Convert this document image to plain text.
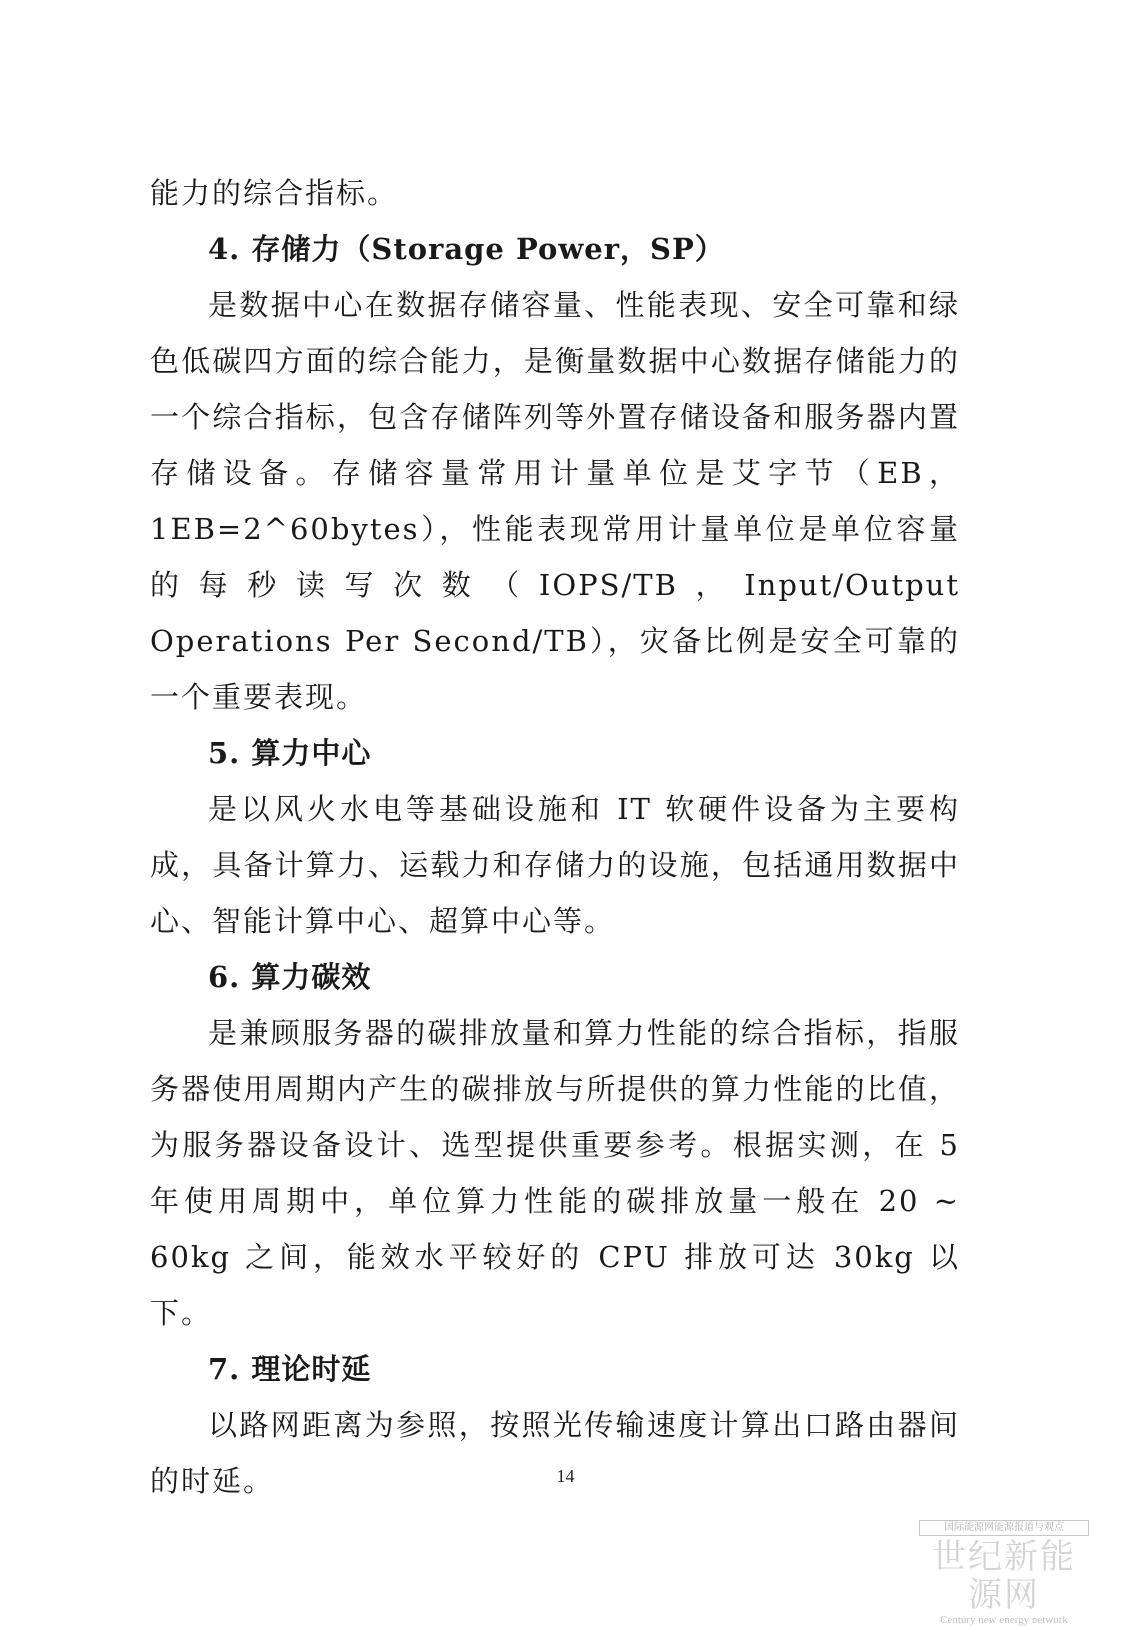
能力的综合指标。

4. 存储力（Storage Power，SP）

是数据中心在数据存储容量、性能表现、安全可靠和绿色低碳四方面的综合能力，是衡量数据中心数据存储能力的一个综合指标，包含存储阵列等外置存储设备和服务器内置存储设备。存储容量常用计量单位是艾字节（EB，1EB=2^60bytes），性能表现常用计量单位是单位容量的每秒读写次数（IOPS/TB，Input/Output Operations Per Second/TB），灾备比例是安全可靠的一个重要表现。

5. 算力中心

是以风火水电等基础设施和 IT 软硬件设备为主要构成，具备计算力、运载力和存储力的设施，包括通用数据中心、智能计算中心、超算中心等。

6. 算力碳效

是兼顾服务器的碳排放量和算力性能的综合指标，指服务器使用周期内产生的碳排放与所提供的算力性能的比值，为服务器设备设计、选型提供重要参考。根据实测，在 5 年使用周期中，单位算力性能的碳排放量一般在 20 ~ 60kg 之间，能效水平较好的 CPU 排放可达 30kg 以下。

7. 理论时延

以路网距离为参照，按照光传输速度计算出口路由器间的时延。	14
国际能源网能源报道与观点
世纪新能源网
Century new energy network
